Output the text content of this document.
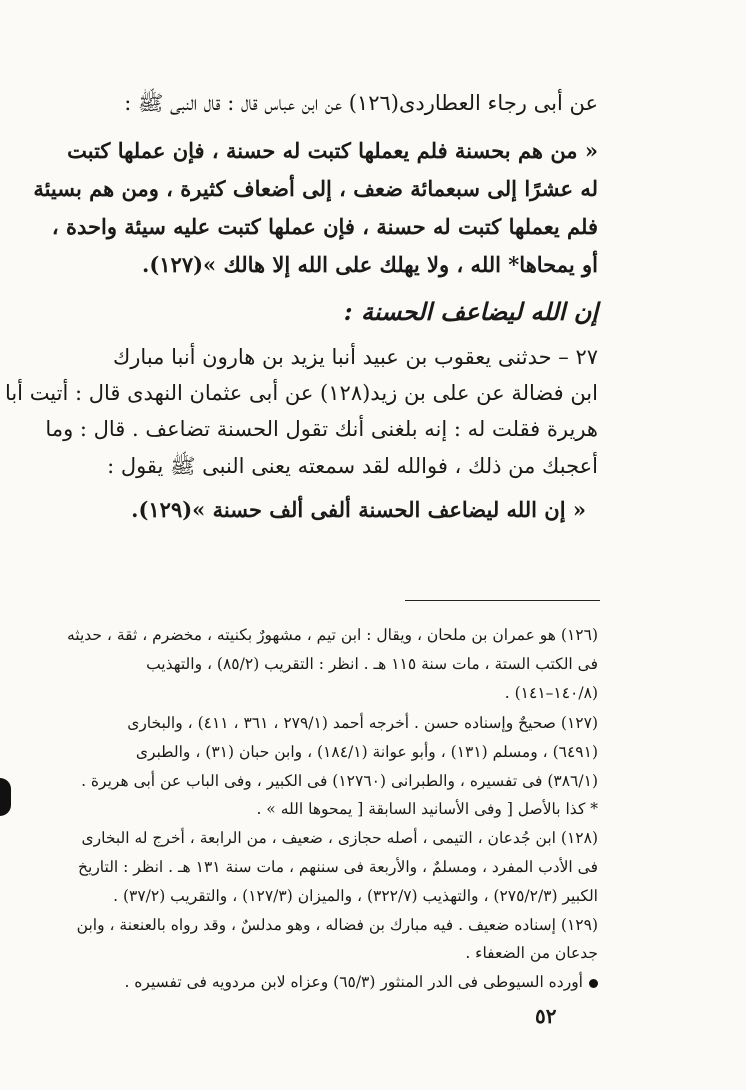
عن أبى رجاء العطاردى(١٢٦) عن ابن عباس قال : قال النبى ﷺ :
« من هم بحسنة فلم يعملها كتبت له حسنة ، فإن عملها كتبت
له عشرًا إلى سبعمائة ضعف ، إلى أضعاف كثيرة ، ومن هم بسيئة
فلم يعملها كتبت له حسنة ، فإن عملها كتبت عليه سيئة واحدة ،
أو يمحاها* الله ، ولا يهلك على الله إلا هالك »(١٢٧).
إن الله ليضاعف الحسنة :
٢٧ – حدثنى يعقوب بن عبيد أنبا يزيد بن هارون أنبا مبارك
ابن فضالة عن على بن زيد(١٢٨) عن أبى عثمان النهدى قال : أتيت أبا
هريرة فقلت له : إنه بلغنى أنك تقول الحسنة تضاعف . قال : وما
أعجبك من ذلك ، فوالله لقد سمعته يعنى النبى ﷺ يقول :
« إن الله ليضاعف الحسنة ألفى ألف حسنة »(١٢٩).
(١٢٦) هو عمران بن ملحان ، ويقال : ابن تيم ، مشهورٌ بكنيته ، مخضرم ، ثقة ، حديثه
فى الكتب الستة ، مات سنة ١١٥ هـ . انظر : التقريب (٨٥/٢) ، والتهذيب
(١٤٠/٨–١٤١) .
(١٢٧) صحيحٌ وإسناده حسن . أخرجه أحمد (٢٧٩/١ ، ٣٦١ ، ٤١١) ، والبخارى
(٦٤٩١) ، ومسلم (١٣١) ، وأبو عوانة (١٨٤/١) ، وابن حبان (٣١) ، والطبرى
(٣٨٦/١) فى تفسيره ، والطبرانى (١٢٧٦٠) فى الكبير ، وفى الباب عن أبى هريرة .
* كذا بالأصل [ وفى الأسانيد السابقة [ يمحوها الله » .
(١٢٨) ابن جُدعان ، التيمى ، أصله حجازى ، ضعيف ، من الرابعة ، أخرج له البخارى
فى الأدب المفرد ، ومسلمٌ ، والأربعة فى سننهم ، مات سنة ١٣١ هـ . انظر : التاريخ
الكبير (٢٧٥/٢/٣) ، والتهذيب (٣٢٢/٧) ، والميزان (١٢٧/٣) ، والتقريب (٣٧/٢) .
(١٢٩) إسناده ضعيف . فيه مبارك بن فضاله ، وهو مدلسٌ ، وقد رواه بالعنعنة ، وابن
جدعان من الضعفاء .
أورده السيوطى فى الدر المنثور (٦٥/٣) وعزاه لابن مردويه فى تفسيره .
٥٢
